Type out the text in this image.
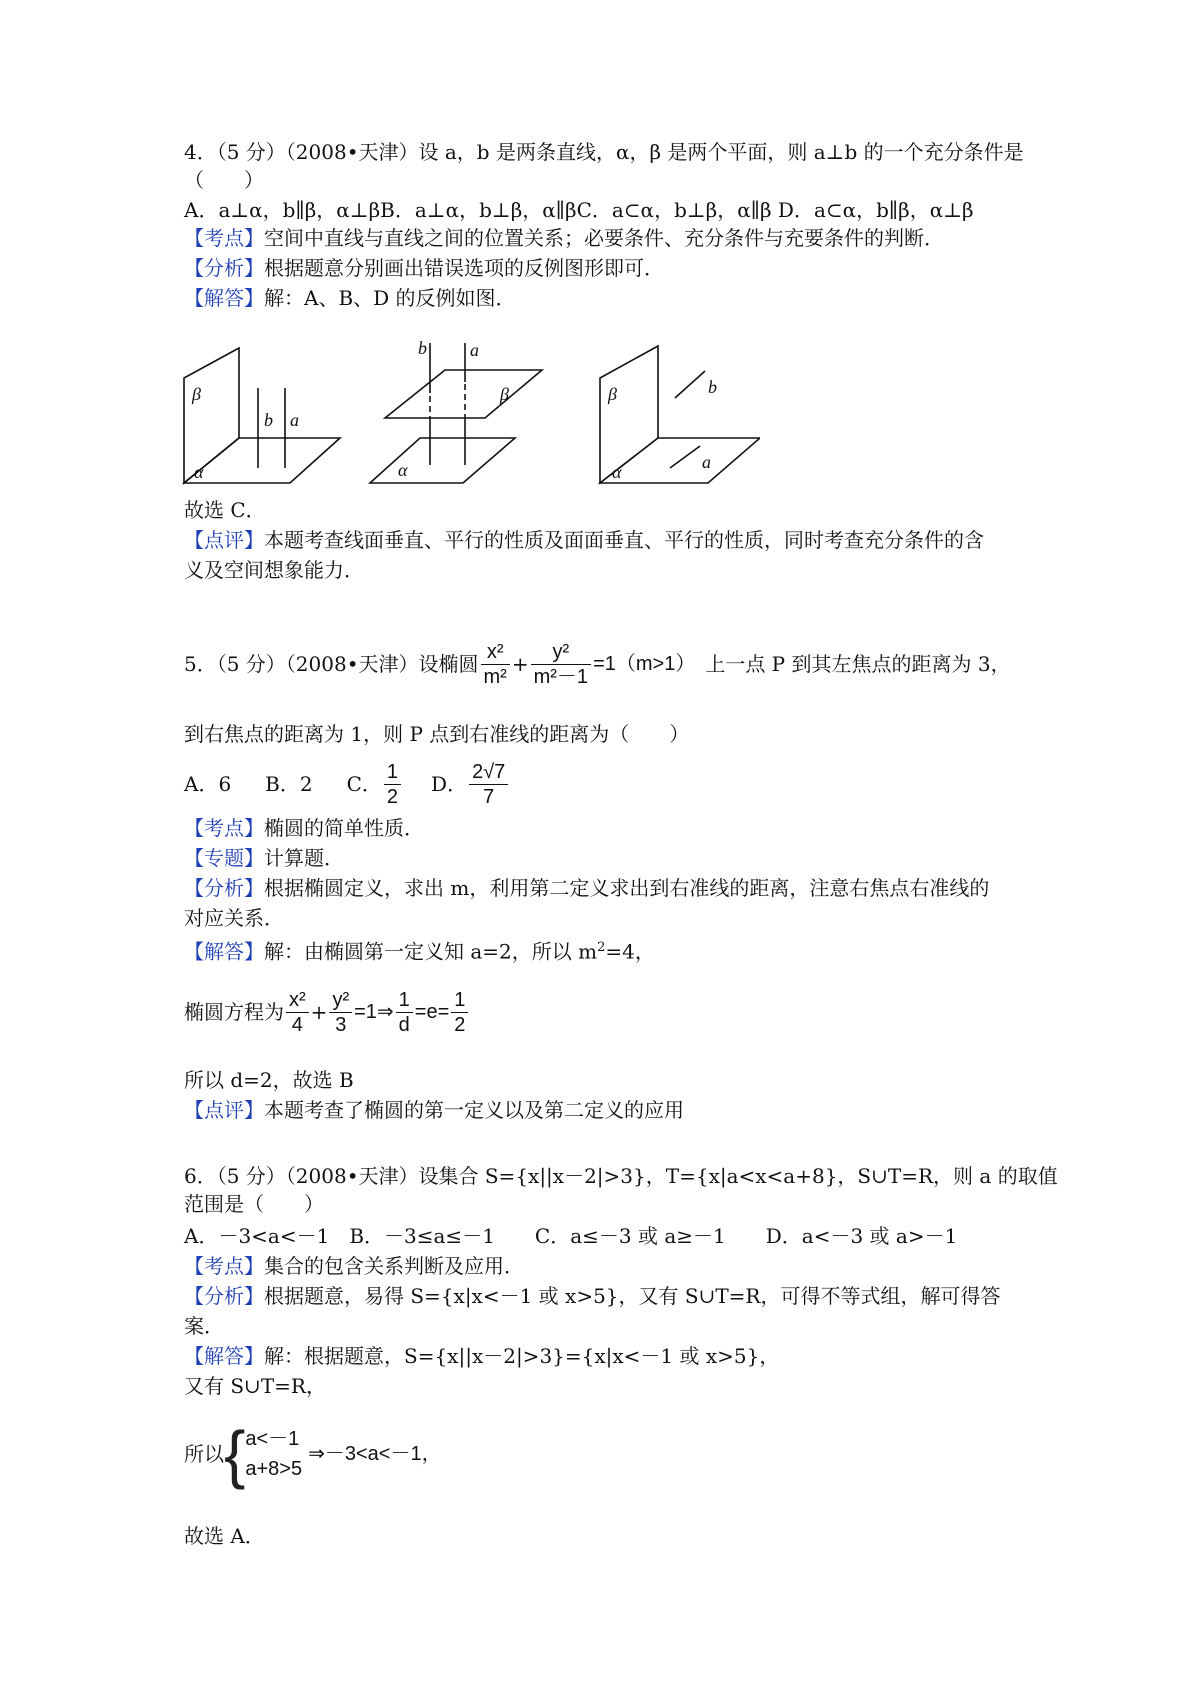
4．（5 分）（2008•天津）设 a，b 是两条直线，α，β 是两个平面，则 a⊥b 的一个充分条件是
（　　）
A．a⊥α，b∥β，α⊥βB．a⊥α，b⊥β，α∥βC．a⊂α，b⊥β，α∥β D．a⊂α，b∥β，α⊥β
【考点】空间中直线与直线之间的位置关系；必要条件、充分条件与充要条件的判断．
【分析】根据题意分别画出错误选项的反例图形即可．
【解答】解：A、B、D 的反例如图．
β
α
b a
b a
β
α
β	b
α	a
故选 C．
【点评】本题考查线面垂直、平行的性质及面面垂直、平行的性质，同时考查充分条件的含
义及空间想象能力．
5．（5 分）（2008•天津）设椭圆 $\frac{\text{x²}}{\text{m²}} + \frac{\text{y²}}{\text{m²－1}} =1(m>1)$ 上一点 P 到其左焦点的距离为 3，
到右焦点的距离为 1，则 P 点到右准线的距离为（　　）
A．6 B．2 C． $\frac{1}{2}$ D． $\frac{2√7}{7}$
【考点】椭圆的简单性质．
【专题】计算题．
【分析】根据椭圆定义，求出 m，利用第二定义求出到右准线的距离，注意右焦点右准线的
对应关系．
【解答】解：由椭圆第一定义知 a=2，所以 $m^2=4$，
椭圆方程为 $\frac{\text{x²}}{4} + \frac{\text{y²}}{3}$ =1⇒ $\frac{1}{d} =e= \frac{1}{2}$
所以 d=2，故选 B
【点评】本题考查了椭圆的第一定义以及第二定义的应用
6．（5 分）（2008•天津）设集合 S={x||x－2|>3}，T={x|a<x<a+8}，S∪T=R，则 a 的取值
范围是（　　）
A．－3<a<－1　B．－3≤a≤－1　　C．a≤－3 或 a≥－1　　D．a<－3 或 a>－1
【考点】集合的包含关系判断及应用．
【分析】根据题意，易得 S={x|x<－1 或 x>5}，又有 S∪T=R，可得不等式组，解可得答
案．
【解答】解：根据题意，S={x||x－2|>3}={x|x<－1 或 x>5}，
又有 S∪T=R，
所以 { a<－1
a+8>5
⇒－3<a<－1，
故选 A．
